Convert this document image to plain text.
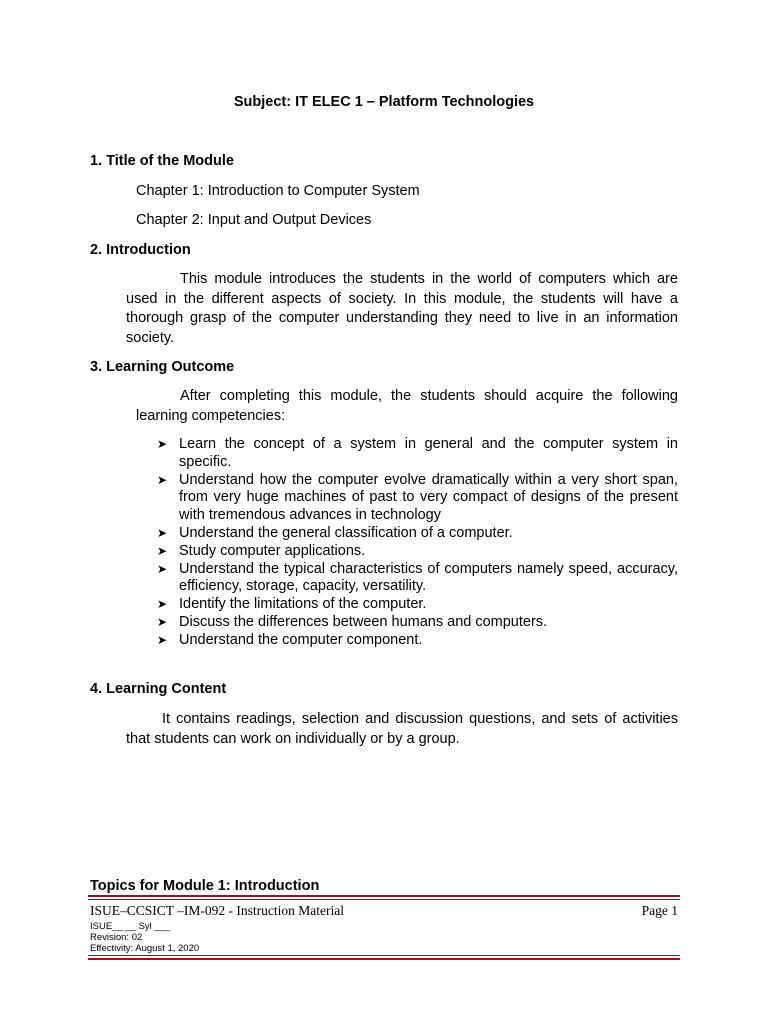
Subject: IT ELEC 1 – Platform Technologies
1. Title of the Module
Chapter 1: Introduction to Computer System
Chapter 2: Input and Output Devices
2. Introduction
This module introduces the students in the world of computers which are used in the different aspects of society. In this module, the students will have a thorough grasp of the computer understanding they need to live in an information society.
3. Learning Outcome
After completing this module, the students should acquire the following learning competencies:
➤ Learn the concept of a system in general and the computer system in specific.
➤ Understand how the computer evolve dramatically within a very short span, from very huge machines of past to very compact of designs of the present with tremendous advances in technology
➤ Understand the general classification of a computer.
➤ Study computer applications.
➤ Understand the typical characteristics of computers namely speed, accuracy, efficiency, storage, capacity, versatility.
➤ Identify the limitations of the computer.
➤ Discuss the differences between humans and computers.
➤ Understand the computer component.
4. Learning Content
It contains readings, selection and discussion questions, and sets of activities that students can work on individually or by a group.
Topics for Module 1: Introduction
ISUE–CCSICT –IM-092 - Instruction Material	Page 1
ISUE__ __ Syl ___
Revision: 02
Effectivity: August 1, 2020
